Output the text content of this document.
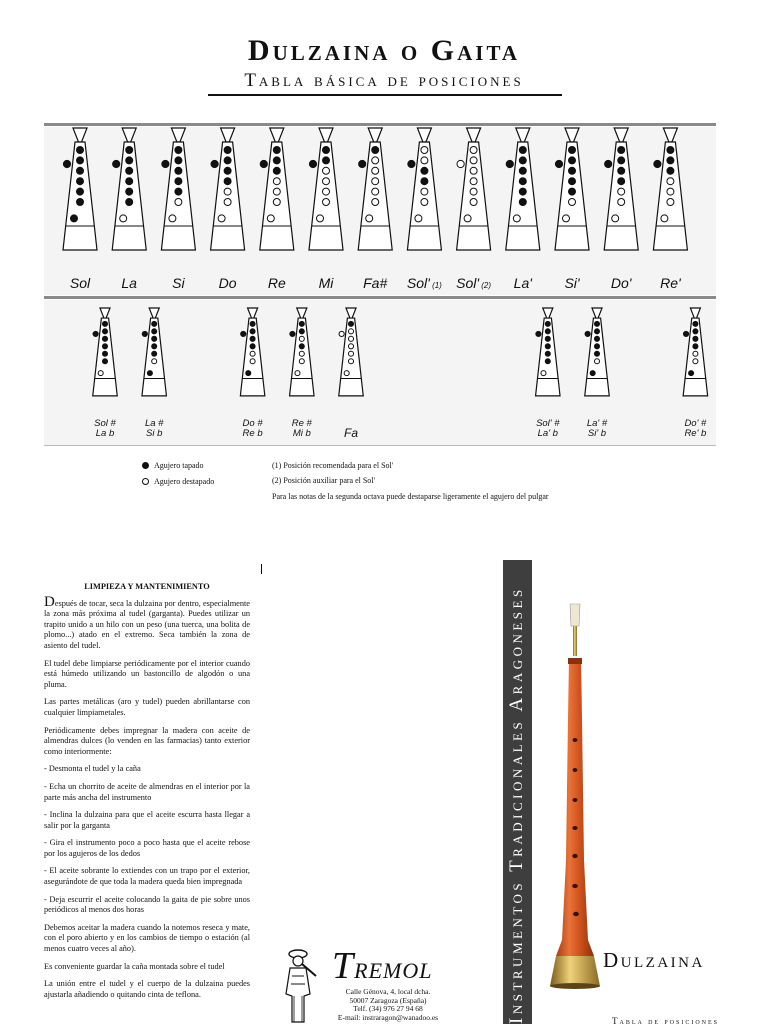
Dulzaina o Gaita
Tabla básica de posiciones
Sol	La	Si	Do	Re	Mi	Fa#	Sol' (1)	Sol' (2)	La'	Si'	Do'	Re'
Sol #
La b
La #
Si b
Do #
Re b
Re #
Mi b	Fa
Sol' #
La' b
La' #
Si' b
Do' #
Re' b
Agujero tapado
Agujero destapado
(1) Posición recomendada para el Sol'
(2) Posición auxiliar para el Sol'
Para las notas de la segunda octava puede destaparse ligeramente el agujero del pulgar
LIMPIEZA Y MANTENIMIENTO

Después de tocar, seca la dulzaina por dentro, especialmente la zona más próxima al tudel (garganta). Puedes utilizar un trapito unido a un hilo con un peso (una tuerca, una bolita de plomo...) atado en el extremo. Seca también la zona de asiento del tudel.

El tudel debe limpiarse periódicamente por el interior cuando está húmedo utilizando un bastoncillo de algodón o una pluma.

Las partes metálicas (aro y tudel) pueden abrillantarse con cualquier limpiametales.

Periódicamente debes impregnar la madera con aceite de almendras dulces (lo venden en las farmacias) tanto exterior como interiormente:

- Desmonta el tudel y la caña

- Echa un chorrito de aceite de almendras en el interior por la parte más ancha del instrumento

- Inclina la dulzaina para que el aceite escurra hasta llegar a salir por la garganta

- Gira el instrumento poco a poco hasta que el aceite rebose por los agujeros de los dedos

- El aceite sobrante lo extiendes con un trapo por el exterior, asegurándote de que toda la madera queda bien impregnada

- Deja escurrir el aceite colocando la gaita de pie sobre unos periódicos al menos dos horas

Debemos aceitar la madera cuando la notemos reseca y mate, con el poro abierto y en los cambios de tiempo o estación (al menos cuatro veces al año).

Es conveniente guardar la caña montada sobre el tudel

La unión entre el tudel y el cuerpo de la dulzaina puedes ajustarla añadiendo o quitando cinta de teflona.

TREMOL
Calle Génova, 4, local dcha.
50007 Zaragoza (España)
Telf. (34) 976 27 94 68
E-mail: instraragon@wanadoo.es	Instrumentos Tradicionales Aragoneses	Dulzaina
Tabla de posiciones
